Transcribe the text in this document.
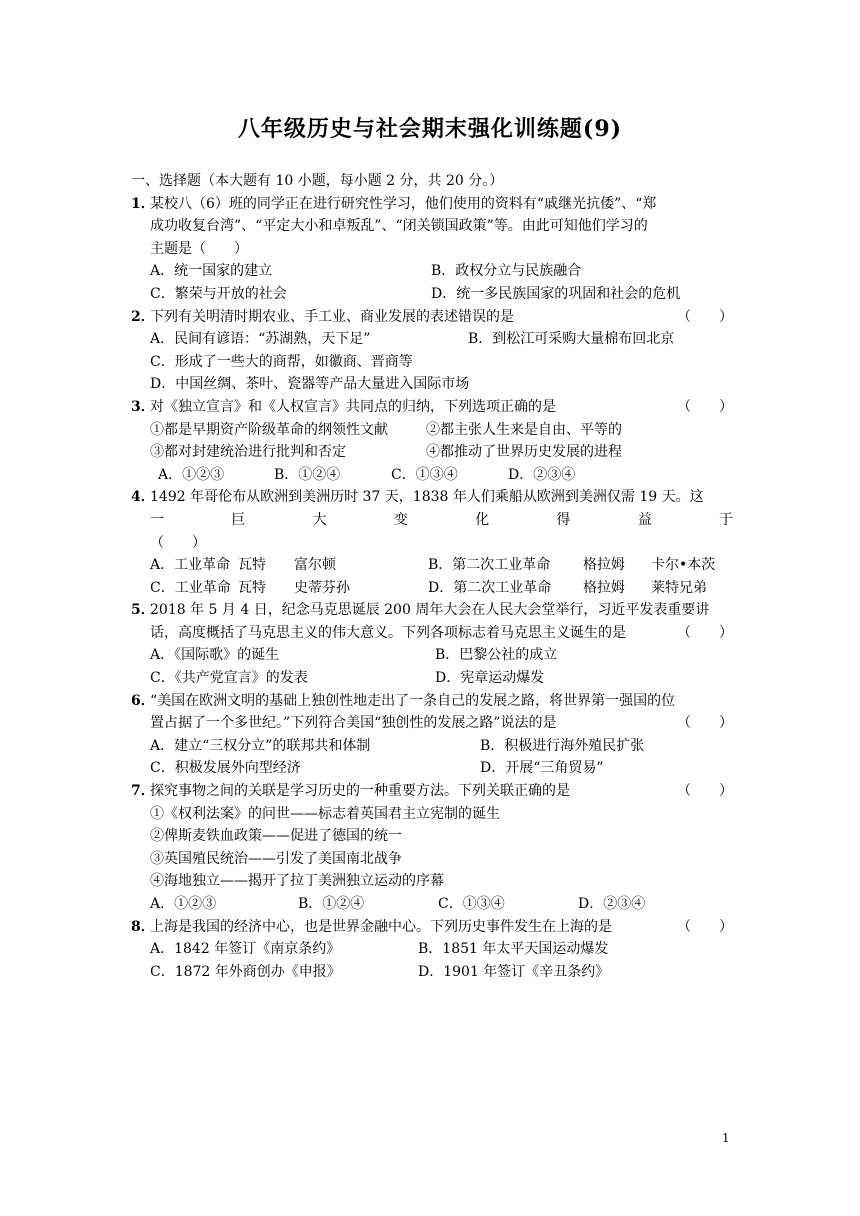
八年级历史与社会期末强化训练题(9)
一、选择题（本大题有 10 小题，每小题 2 分，共 20 分。）
1．
某校八（6）班的同学正在进行研究性学习，他们使用的资料有“戚继光抗倭”、“郑
成功收复台湾”、“平定大小和卓叛乱”、“闭关锁国政策”等。由此可知他们学习的
主题是（　　）
A．统一国家的建立	B．政权分立与民族融合
C．繁荣与开放的社会	D．统一多民族国家的巩固和社会的危机
2．
下列有关明清时期农业、手工业、商业发展的表述错误的是	（　　）
A．民间有谚语：“苏湖熟，天下足”	B．到松江可采购大量棉布回北京
C．形成了一些大的商帮，如徽商、晋商等
D．中国丝绸、茶叶、瓷器等产品大量进入国际市场
3．
对《独立宣言》和《人权宣言》共同点的归纳，下列选项正确的是	（　　）
①都是早期资产阶级革命的纲领性文献	②都主张人生来是自由、平等的
③都对封建统治进行批判和否定	④都推动了世界历史发展的进程
A．①②③	B．①②④	C．①③④	D．②③④
4．
1492 年哥伦布从欧洲到美洲历时 37 天，1838 年人们乘船从欧洲到美洲仅需 19 天。这
一	巨	大	变	化	得	益	于
（　　）
A．工业革命 瓦特	富尔顿	B．第二次工业革命	格拉姆	卡尔•本茨
C．工业革命 瓦特	史蒂芬孙	D．第二次工业革命	格拉姆	莱特兄弟
5．
2018 年 5 月 4 日，纪念马克思诞辰 200 周年大会在人民大会堂举行，习近平发表重要讲
话，高度概括了马克思主义的伟大意义。下列各项标志着马克思主义诞生的是	（　　）
A．《国际歌》的诞生	B．巴黎公社的成立
C．《共产党宣言》的发表	D．宪章运动爆发
6．
“美国在欧洲文明的基础上独创性地走出了一条自己的发展之路，将世界第一强国的位
置占据了一个多世纪。”下列符合美国“独创性的发展之路”说法的是	（　　）
A．建立“三权分立”的联邦共和体制	B．积极进行海外殖民扩张
C．积极发展外向型经济	D．开展“三角贸易”
7．
探究事物之间的关联是学习历史的一种重要方法。下列关联正确的是	（　　）
①《权利法案》的问世——标志着英国君主立宪制的诞生
②俾斯麦铁血政策——促进了德国的统一
③英国殖民统治——引发了美国南北战争
④海地独立——揭开了拉丁美洲独立运动的序幕
A．①②③	B．①②④	C．①③④	D．②③④
8．
上海是我国的经济中心，也是世界金融中心。下列历史事件发生在上海的是	（　　）
A．1842 年签订《南京条约》	B．1851 年太平天国运动爆发
C．1872 年外商创办《申报》	D．1901 年签订《辛丑条约》
1
